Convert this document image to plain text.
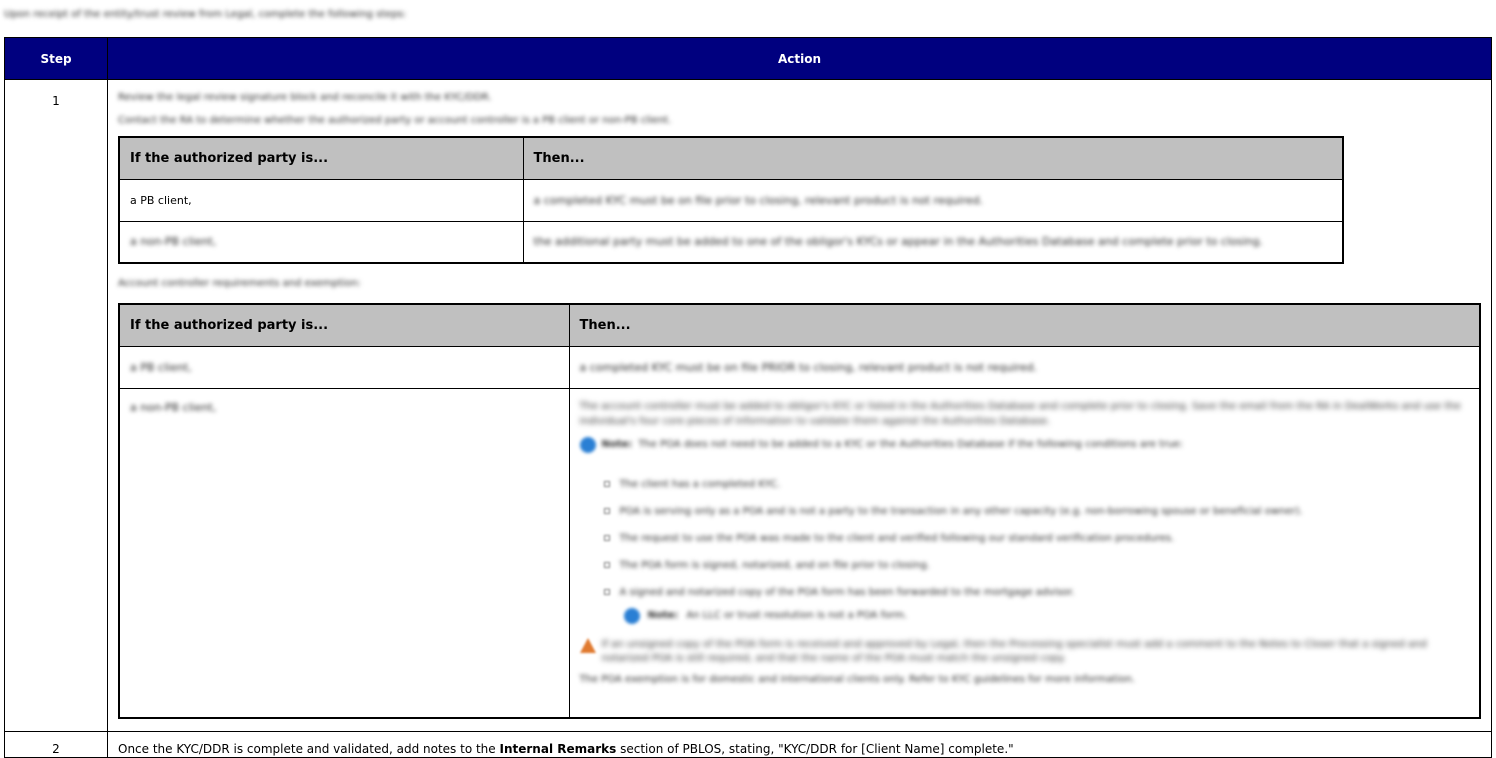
Upon receipt of the entity/trust review from Legal, complete the following steps:
Step	Action
1	Review the legal review signature block and reconcile it with the KYC/DDR.
Contact the RA to determine whether the authorized party or account controller is a PB client or non-PB client.
If the authorized party is...	Then...
a PB client,	a completed KYC must be on file prior to closing, relevant product is not required.
a non-PB client,	the additional party must be added to one of the obligor's KYCs or appear in the Authorities Database and complete prior to closing.
Account controller requirements and exemption:
If the authorized party is...	Then...
a PB client,	a completed KYC must be on file PRIOR to closing, relevant product is not required.
a non-PB client,	The account controller must be added to obligor's KYC or listed in the Authorities Database and complete prior to closing. Save the email from the RA in DealWorks and use the individual's four core pieces of information to validate them against the Authorities Database.

Note: The POA does not need to be added to a KYC or the Authorities Database if the following conditions are true:
The client has a completed KYC.
POA is serving only as a POA and is not a party to the transaction in any other capacity (e.g. non-borrowing spouse or beneficial owner).
The request to use the POA was made to the client and verified following our standard verification procedures.
The POA form is signed, notarized, and on file prior to closing.
A signed and notarized copy of the POA form has been forwarded to the mortgage advisor.
Note: An LLC or trust resolution is not a POA form.
If an unsigned copy of the POA form is received and approved by Legal, then the Processing specialist must add a comment to the Notes to Closer that a signed and notarized POA is still required, and that the name of the POA must match the unsigned copy.
The POA exemption is for domestic and international clients only. Refer to KYC guidelines for more information.

2	Once the KYC/DDR is complete and validated, add notes to the Internal Remarks section of PBLOS, stating, "KYC/DDR for [Client Name] complete."
